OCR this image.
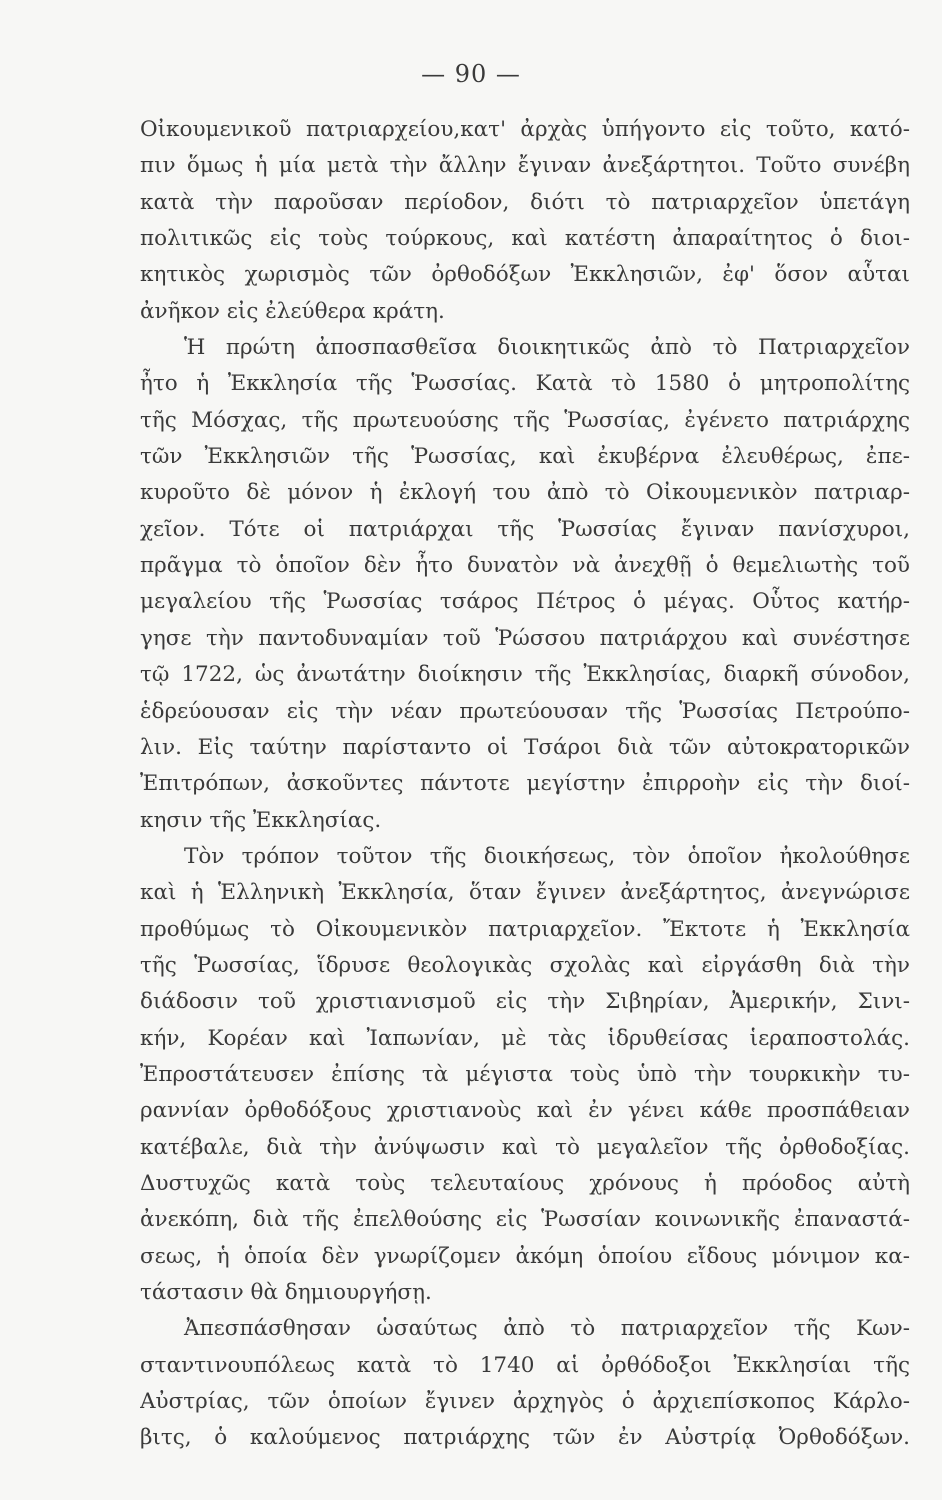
— 90 —
Οἰκουμενικοῦ πατριαρχείου,κατ' ἀρχὰς ὑπήγοντο εἰς τοῦτο, κατό-
πιν ὅμως ἡ μία μετὰ τὴν ἄλλην ἔγιναν ἀνεξάρτητοι. Τοῦτο συνέβη
κατὰ τὴν παροῦσαν περίοδον, διότι τὸ πατριαρχεῖον ὑπετάγη
πολιτικῶς εἰς τοὺς τούρκους, καὶ κατέστη ἀπαραίτητος ὁ διοι-
κητικὸς χωρισμὸς τῶν ὀρθοδόξων Ἐκκλησιῶν, ἐφ' ὅσον αὗται
ἀνῆκον εἰς ἐλεύθερα κράτη.
Ἡ πρώτη ἀποσπασθεῖσα διοικητικῶς ἀπὸ τὸ Πατριαρχεῖον
ἦτο ἡ Ἐκκλησία τῆς Ῥωσσίας. Κατὰ τὸ 1580 ὁ μητροπολίτης
τῆς Μόσχας, τῆς πρωτευούσης τῆς Ῥωσσίας, ἐγένετο πατριάρχης
τῶν Ἐκκλησιῶν τῆς Ῥωσσίας, καὶ ἐκυβέρνα ἐλευθέρως, ἐπε-
κυροῦτο δὲ μόνον ἡ ἐκλογή του ἀπὸ τὸ Οἰκουμενικὸν πατριαρ-
χεῖον. Τότε οἱ πατριάρχαι τῆς Ῥωσσίας ἔγιναν πανίσχυροι,
πρᾶγμα τὸ ὁποῖον δὲν ἦτο δυνατὸν νὰ ἀνεχθῇ ὁ θεμελιωτὴς τοῦ
μεγαλείου τῆς Ῥωσσίας τσάρος Πέτρος ὁ μέγας. Οὗτος κατήρ-
γησε τὴν παντοδυναμίαν τοῦ Ῥώσσου πατριάρχου καὶ συνέστησε
τῷ 1722, ὡς ἀνωτάτην διοίκησιν τῆς Ἐκκλησίας, διαρκῆ σύνοδον,
ἑδρεύουσαν εἰς τὴν νέαν πρωτεύουσαν τῆς Ῥωσσίας Πετρούπο-
λιν. Εἰς ταύτην παρίσταντο οἱ Τσάροι διὰ τῶν αὐτοκρατορικῶν
Ἐπιτρόπων, ἀσκοῦντες πάντοτε μεγίστην ἐπιρροὴν εἰς τὴν διοί-
κησιν τῆς Ἐκκλησίας.
Τὸν τρόπον τοῦτον τῆς διοικήσεως, τὸν ὁποῖον ἠκολούθησε
καὶ ἡ Ἑλληνικὴ Ἐκκλησία, ὅταν ἔγινεν ἀνεξάρτητος, ἀνεγνώρισε
προθύμως τὸ Οἰκουμενικὸν πατριαρχεῖον. Ἔκτοτε ἡ Ἐκκλησία
τῆς Ῥωσσίας, ἵδρυσε θεολογικὰς σχολὰς καὶ εἰργάσθη διὰ τὴν
διάδοσιν τοῦ χριστιανισμοῦ εἰς τὴν Σιβηρίαν, Ἀμερικήν, Σινι-
κήν, Κορέαν καὶ Ἰαπωνίαν, μὲ τὰς ἱδρυθείσας ἱεραποστολάς.
Ἐπροστάτευσεν ἐπίσης τὰ μέγιστα τοὺς ὑπὸ τὴν τουρκικὴν τυ-
ραννίαν ὀρθοδόξους χριστιανοὺς καὶ ἐν γένει κάθε προσπάθειαν
κατέβαλε, διὰ τὴν ἀνύψωσιν καὶ τὸ μεγαλεῖον τῆς ὀρθοδοξίας.
Δυστυχῶς κατὰ τοὺς τελευταίους χρόνους ἡ πρόοδος αὐτὴ
ἀνεκόπη, διὰ τῆς ἐπελθούσης εἰς Ῥωσσίαν κοινωνικῆς ἐπαναστά-
σεως, ἡ ὁποία δὲν γνωρίζομεν ἀκόμη ὁποίου εἴδους μόνιμον κα-
τάστασιν θὰ δημιουργήσῃ.
Ἀπεσπάσθησαν ὡσαύτως ἀπὸ τὸ πατριαρχεῖον τῆς Κων-
σταντινουπόλεως κατὰ τὸ 1740 αἱ ὀρθόδοξοι Ἐκκλησίαι τῆς
Αὐστρίας, τῶν ὁποίων ἔγινεν ἀρχηγὸς ὁ ἀρχιεπίσκοπος Κάρλο-
βιτς, ὁ καλούμενος πατριάρχης τῶν ἐν Αὐστρίᾳ Ὀρθοδόξων.
